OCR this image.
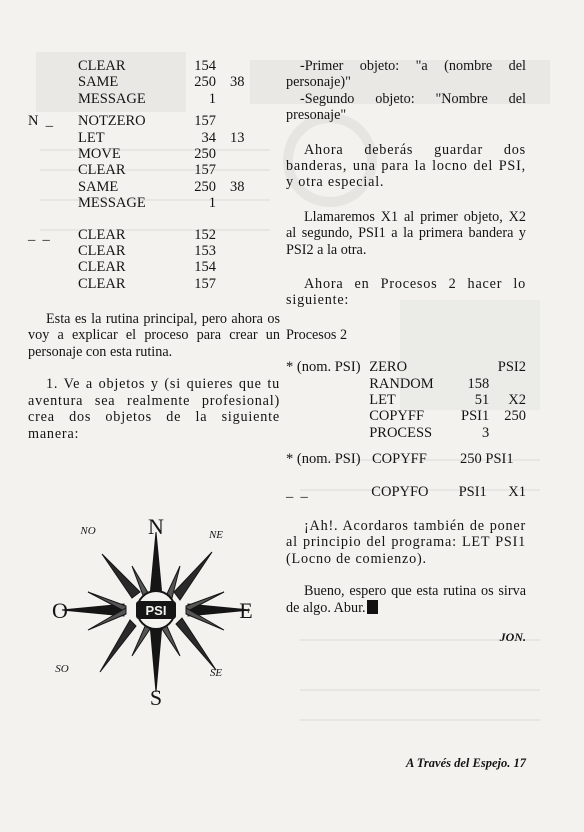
CLEAR	154
SAME	250 38
MESSAGE	1
N  _	NOTZERO	157
LET	34 13
MOVE	250
CLEAR	157
SAME	250 38
MESSAGE	1
_  _	CLEAR	152
CLEAR	153
CLEAR	154
CLEAR	157

Esta es la rutina principal, pero ahora os voy a explicar el proceso para crear un personaje con esta rutina.

1. Ve a objetos y (si quieres que tu aventura sea realmente profesional) crea dos objetos de la siguiente manera:

PSI
N
S
O	E
NO	NE
SO	SE

-Primer objeto: "a (nombre del personaje)"

-Segundo objeto: "Nombre del presonaje"

Ahora deberás guardar dos banderas, una para la locno del PSI, y otra especial.

Llamaremos X1 al primer objeto, X2 al segundo, PSI1 a la primera bandera y PSI2 a la otra.

Ahora en Procesos 2 hacer lo siguiente:

Procesos 2

* (nom. PSI) ZERO	PSI2
RANDOM	158
LET	51	X2
COPYFF	PSI1	250
PROCESS	3
* (nom. PSI) COPYFF	250 PSI1
_  _	COPYFO	PSI1	X1

¡Ah!. Acordaros también de poner al principio del programa: LET PSI1 (Locno de comienzo).

Bueno, espero que esta rutina os sirva de algo. Abur.

JON.

A Través del Espejo. 17
